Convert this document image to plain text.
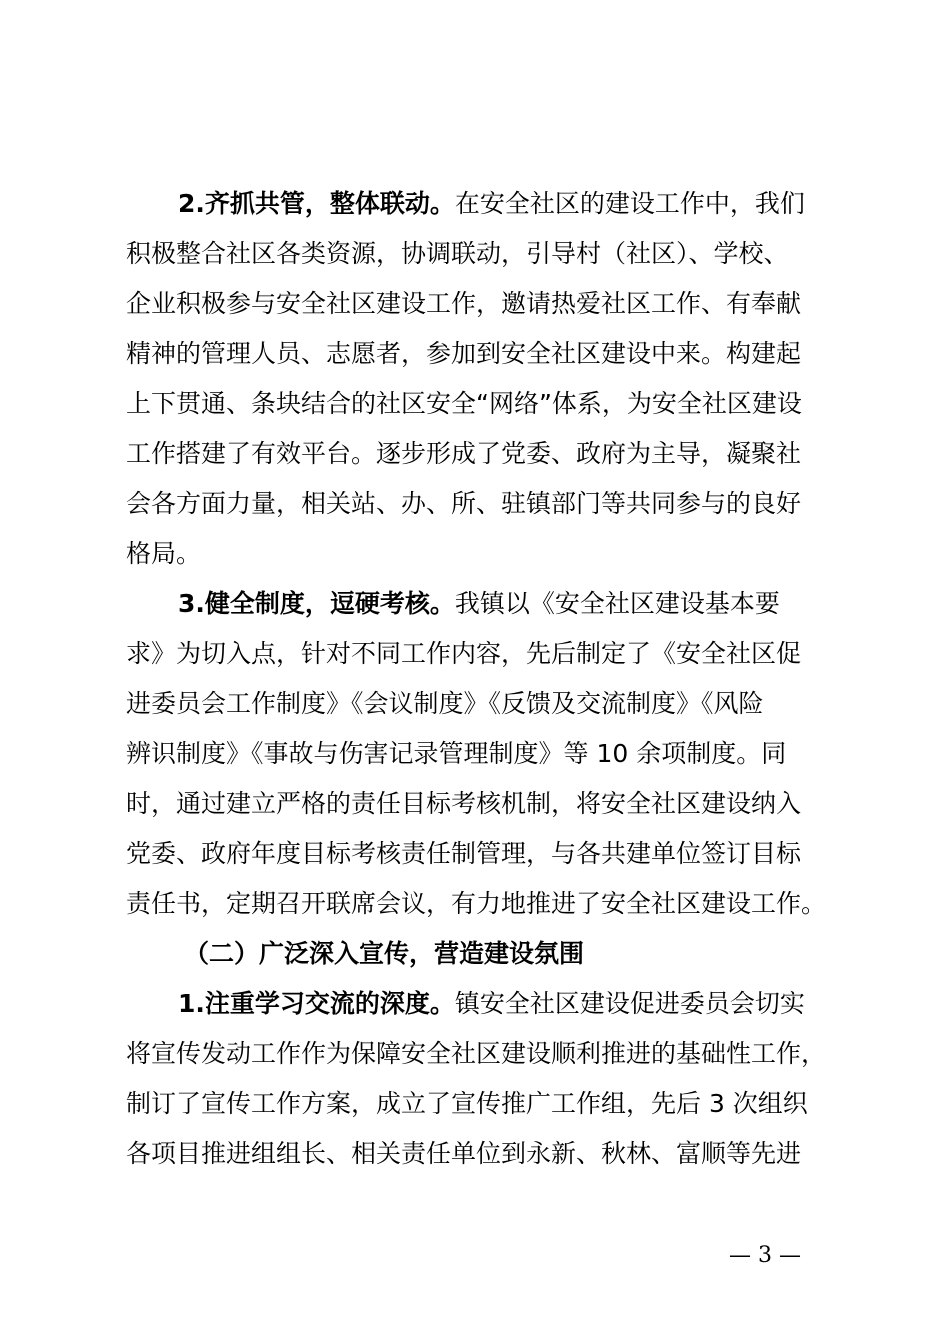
2.齐抓共管，整体联动。在安全社区的建设工作中，我们
积极整合社区各类资源，协调联动，引导村（社区）、学校、
企业积极参与安全社区建设工作，邀请热爱社区工作、有奉献
精神的管理人员、志愿者，参加到安全社区建设中来。构建起
上下贯通、条块结合的社区安全“网络”体系，为安全社区建设
工作搭建了有效平台。逐步形成了党委、政府为主导，凝聚社
会各方面力量，相关站、办、所、驻镇部门等共同参与的良好
格局。
3.健全制度，逗硬考核。我镇以《安全社区建设基本要
求》为切入点，针对不同工作内容，先后制定了《安全社区促
进委员会工作制度》《会议制度》《反馈及交流制度》《风险
辨识制度》《事故与伤害记录管理制度》等 10 余项制度。同
时，通过建立严格的责任目标考核机制，将安全社区建设纳入
党委、政府年度目标考核责任制管理，与各共建单位签订目标
责任书，定期召开联席会议，有力地推进了安全社区建设工作。
（二）广泛深入宣传，营造建设氛围
1.注重学习交流的深度。镇安全社区建设促进委员会切实
将宣传发动工作作为保障安全社区建设顺利推进的基础性工作，
制订了宣传工作方案，成立了宣传推广工作组，先后 3 次组织
各项目推进组组长、相关责任单位到永新、秋林、富顺等先进
— 3 —
